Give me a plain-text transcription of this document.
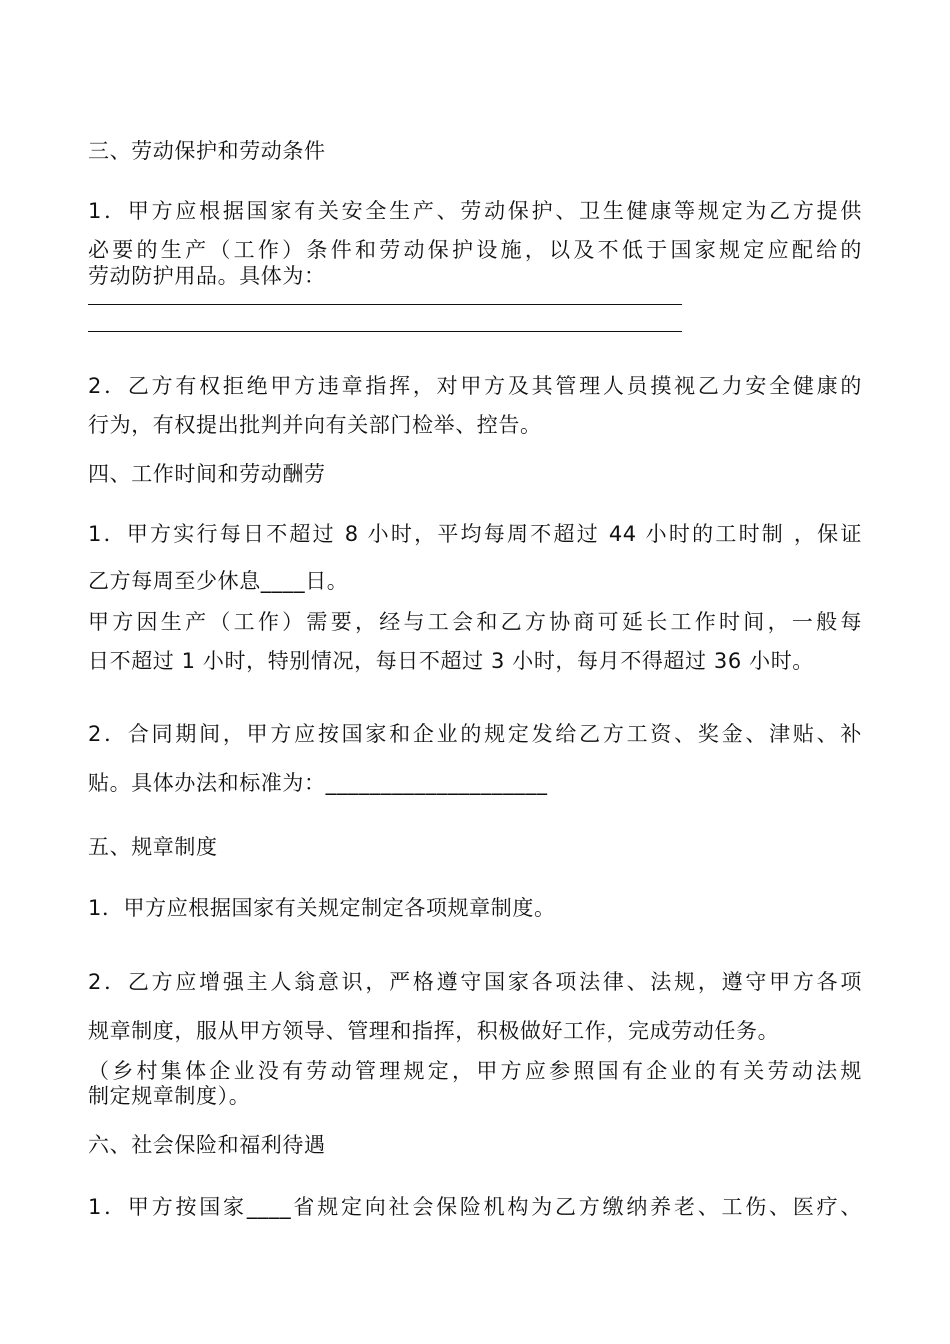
三、劳动保护和劳动条件
1．甲方应根据国家有关安全生产、劳动保护、卫生健康等规定为乙方提供
必要的生产（工作）条件和劳动保护设施，以及不低于国家规定应配给的
劳动防护用品。具体为：
2．乙方有权拒绝甲方违章指挥，对甲方及其管理人员摸视乙力安全健康的
行为，有权提出批判并向有关部门检举、控告。
四、工作时间和劳动酬劳
1．甲方实行每日不超过 8 小时，平均每周不超过 44 小时的工时制 ，保证
乙方每周至少休息____日。
甲方因生产（工作）需要，经与工会和乙方协商可延长工作时间，一般每
日不超过 1 小时，特别情况，每日不超过 3 小时，每月不得超过 36 小时。
2．合同期间，甲方应按国家和企业的规定发给乙方工资、奖金、津贴、补
贴。具体办法和标准为：____________________
五、规章制度
1．甲方应根据国家有关规定制定各项规章制度。
2．乙方应增强主人翁意识，严格遵守国家各项法律、法规，遵守甲方各项
规章制度，服从甲方领导、管理和指挥，积极做好工作，完成劳动任务。
（乡村集体企业没有劳动管理规定，甲方应参照国有企业的有关劳动法规
制定规章制度）。
六、社会保险和福利待遇
1．甲方按国家____省规定向社会保险机构为乙方缴纳养老、工伤、医疗、
